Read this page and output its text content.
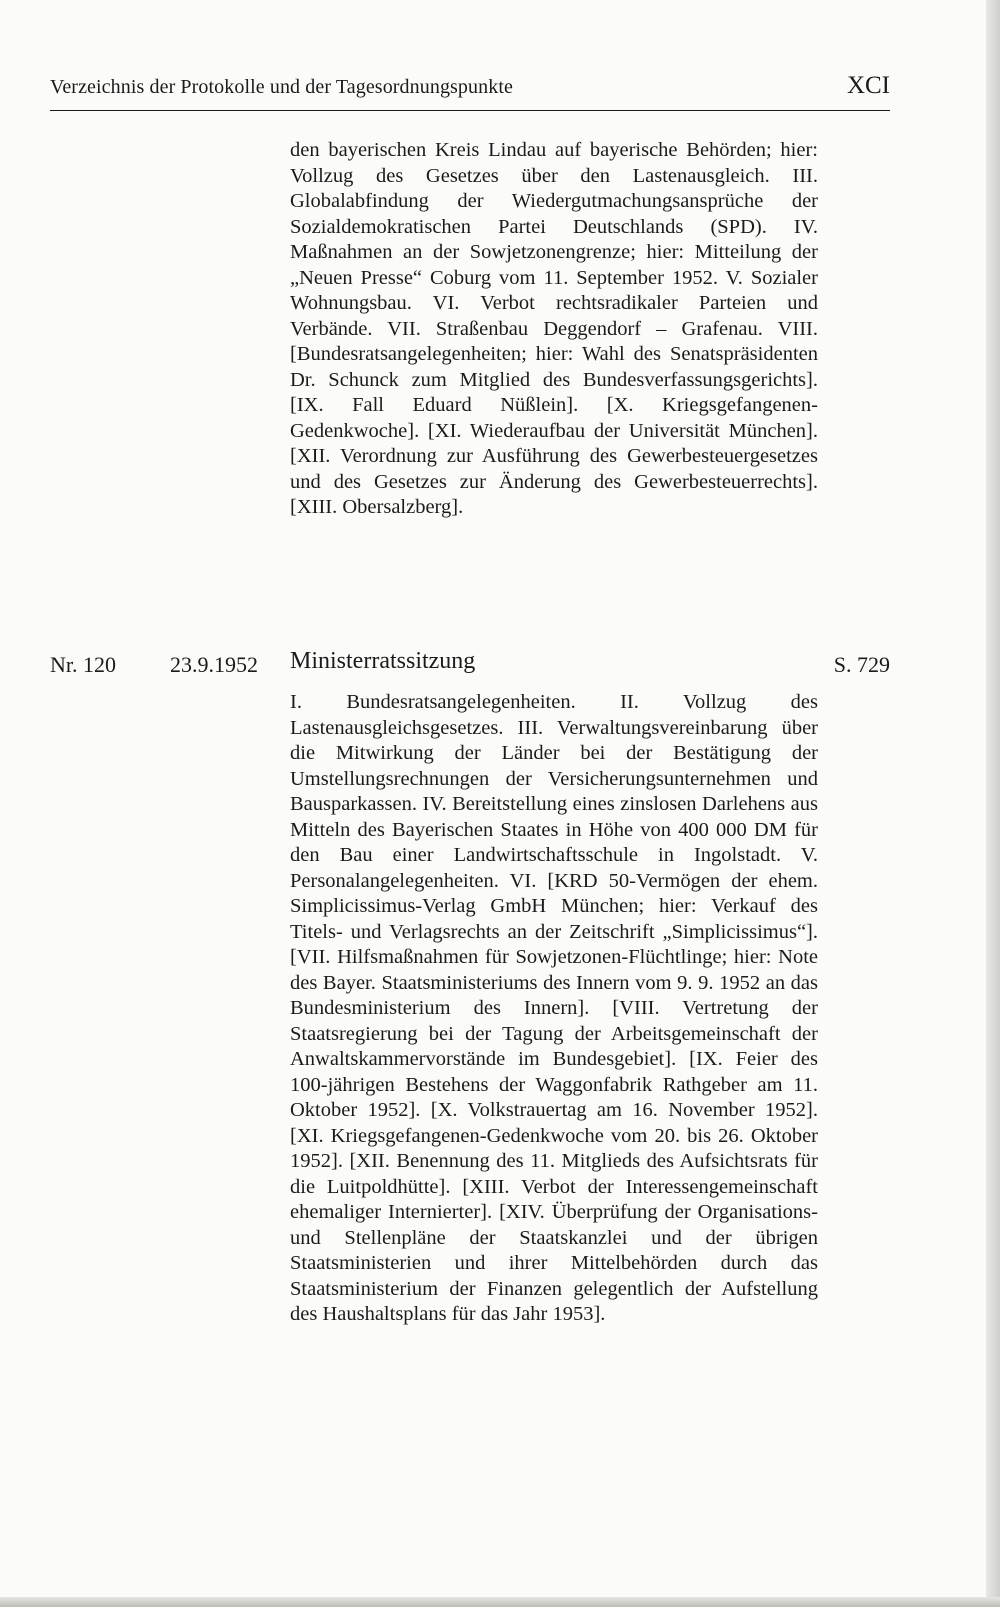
Verzeichnis der Protokolle und der Tagesordnungspunkte	XCI
den bayerischen Kreis Lindau auf bayerische Behörden; hier: Vollzug des Gesetzes über den Lastenausgleich. III. Globalabfindung der Wiedergutmachungsansprüche der Sozialdemokratischen Partei Deutschlands (SPD). IV. Maßnahmen an der Sowjetzonengrenze; hier: Mitteilung der „Neuen Presse“ Coburg vom 11. September 1952. V. Sozialer Wohnungsbau. VI. Verbot rechtsradikaler Parteien und Verbände. VII. Straßenbau Deggendorf – Grafenau. VIII. [Bundesratsangelegenheiten; hier: Wahl des Senatspräsidenten Dr. Schunck zum Mitglied des Bundesverfassungsgerichts]. [IX. Fall Eduard Nüßlein]. [X. Kriegsgefangenen-Gedenkwoche]. [XI. Wiederaufbau der Universität München]. [XII. Verordnung zur Ausführung des Gewerbesteuergesetzes und des Gesetzes zur Änderung des Gewerbesteuerrechts]. [XIII. Obersalzberg].
Nr. 120 23.9.1952 Ministerratssitzung	S. 729
I. Bundesratsangelegenheiten. II. Vollzug des Lastenausgleichsgesetzes. III. Verwaltungsvereinbarung über die Mitwirkung der Länder bei der Bestätigung der Umstellungsrechnungen der Versicherungsunternehmen und Bausparkassen. IV. Bereitstellung eines zinslosen Darlehens aus Mitteln des Bayerischen Staates in Höhe von 400 000 DM für den Bau einer Landwirtschaftsschule in Ingolstadt. V. Personalangelegenheiten. VI. [KRD 50-Vermögen der ehem. Simplicissimus-Verlag GmbH München; hier: Verkauf des Titels- und Verlagsrechts an der Zeitschrift „Simplicissimus“]. [VII. Hilfsmaßnahmen für Sowjetzonen-Flüchtlinge; hier: Note des Bayer. Staatsministeriums des Innern vom 9. 9. 1952 an das Bundesministerium des Innern]. [VIII. Vertretung der Staatsregierung bei der Tagung der Arbeitsgemeinschaft der Anwaltskammervorstände im Bundesgebiet]. [IX. Feier des 100-jährigen Bestehens der Waggonfabrik Rathgeber am 11. Oktober 1952]. [X. Volkstrauertag am 16. November 1952]. [XI. Kriegsgefangenen-Gedenkwoche vom 20. bis 26. Oktober 1952]. [XII. Benennung des 11. Mitglieds des Aufsichtsrats für die Luitpoldhütte]. [XIII. Verbot der Interessengemeinschaft ehemaliger Internierter]. [XIV. Überprüfung der Organisations- und Stellenpläne der Staatskanzlei und der übrigen Staatsministerien und ihrer Mittelbehörden durch das Staatsministerium der Finanzen gelegentlich der Aufstellung des Haushaltsplans für das Jahr 1953].
